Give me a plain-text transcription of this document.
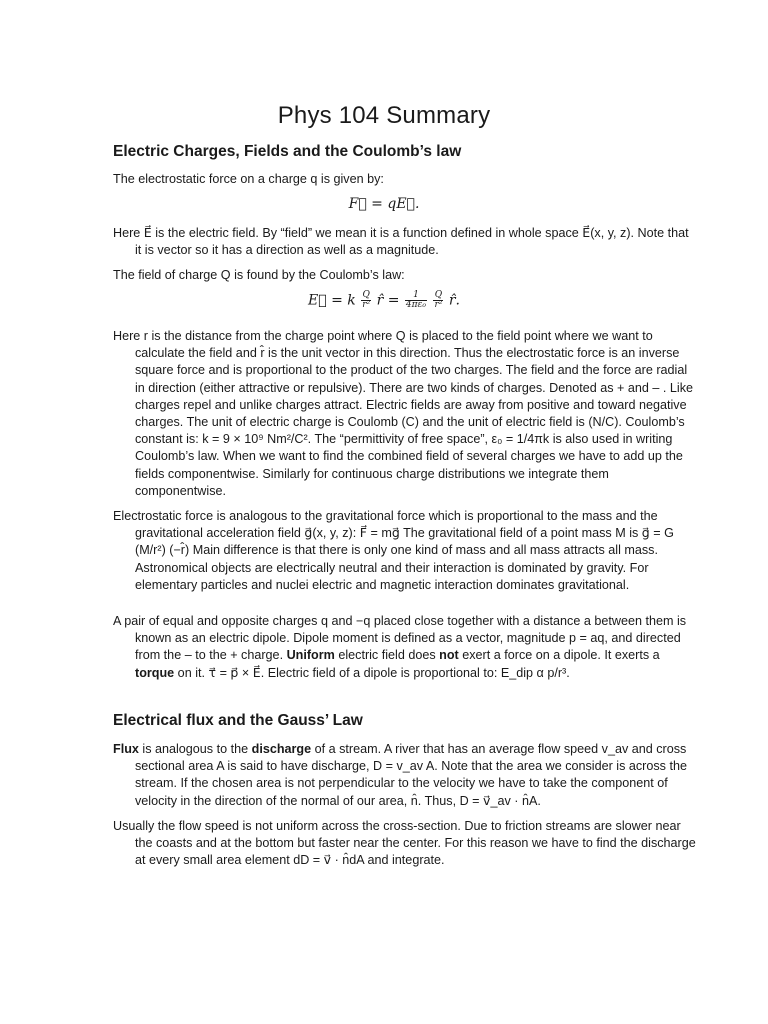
Phys 104 Summary
Electric Charges, Fields and the Coulomb’s law
The electrostatic force on a charge q is given by:
F⃗ = qE⃗.
Here E⃗ is the electric field. By “field” we mean it is a function defined in whole space E⃗(x, y, z). Note that it is vector so it has a direction as well as a magnitude.
The field of charge Q is found by the Coulomb’s law:
E⃗ = k $\frac{Q}{\text{r²}}$ r̂ = $\frac{1}{\text{4πε₀}}$
$\frac{Q}{\text{r²}}$ r̂.
Here r is the distance from the charge point where Q is placed to the field point where we want to calculate the field and r̂ is the unit vector in this direction. Thus the electrostatic force is an inverse square force and is proportional to the product of the two charges. The field and the force are radial in direction (either attractive or repulsive). There are two kinds of charges. Denoted as + and – . Like charges repel and unlike charges attract. Electric fields are away from positive and toward negative charges. The unit of electric charge is Coulomb (C) and the unit of electric field is (N/C). Coulomb’s constant is: k = 9 × 10⁹ Nm²/C². The “permittivity of free space”, ε₀ = 1/4πk is also used in writing Coulomb’s law. When we want to find the combined field of several charges we have to add up the fields componentwise. Similarly for continuous charge distributions we integrate them componentwise.
Electrostatic force is analogous to the gravitational force which is proportional to the mass and the gravitational acceleration field g⃗(x, y, z): F⃗ = mg⃗ The gravitational field of a point mass M is g⃗ = G (M/r²) (−r̂) Main difference is that there is only one kind of mass and all mass attracts all mass. Astronomical objects are electrically neutral and their interaction is dominated by gravity. For elementary particles and nuclei electric and magnetic interaction dominates gravitational.
A pair of equal and opposite charges q and −q placed close together with a distance a between them is known as an electric dipole. Dipole moment is defined as a vector, magnitude p = aq, and directed from the – to the + charge. Uniform electric field does not exert a force on a dipole. It exerts a torque on it. τ⃗ = p⃗ × E⃗. Electric field of a dipole is proportional to: E_dip α p/r³.
Electrical flux and the Gauss’ Law
Flux is analogous to the discharge of a stream. A river that has an average flow speed v_av and cross sectional area A is said to have discharge, D = v_av A. Note that the area we consider is across the stream. If the chosen area is not perpendicular to the velocity we have to take the component of velocity in the direction of the normal of our area, n̂. Thus, D = v⃗_av · n̂A.
Usually the flow speed is not uniform across the cross-section. Due to friction streams are slower near the coasts and at the bottom but faster near the center. For this reason we have to find the discharge at every small area element dD = v⃗ · n̂dA and integrate.
